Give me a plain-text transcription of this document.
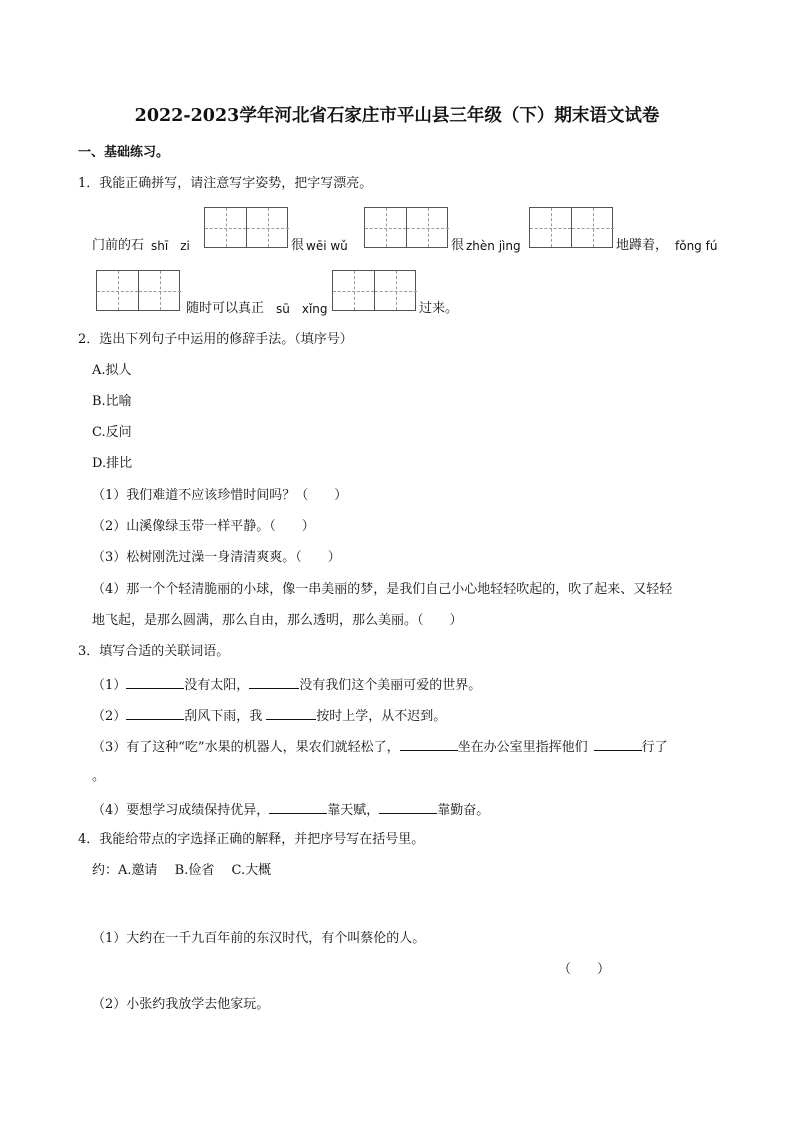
2022-2023学年河北省石家庄市平山县三年级（下）期末语文试卷
一、基础练习。
1．我能正确拼写，请注意写字姿势，把字写漂亮。
门前的石 shī　zi	很 wēi wǔ	很 zhèn jìng	地蹲着， fǒng fú
随时可以真正 sū　xǐng	过来。
2．选出下列句子中运用的修辞手法。（填序号）
A.拟人
B.比喻
C.反问
D.排比
（1）我们难道不应该珍惜时间吗？（　　）
（2）山溪像绿玉带一样平静。（　　）
（3）松树刚洗过澡一身清清爽爽。（　　）
（4）那一个个轻清脆丽的小球，像一串美丽的梦，是我们自己小心地轻轻吹起的，吹了起来、又轻轻
地飞起，是那么圆满，那么自由，那么透明，那么美丽。（　　）
3．填写合适的关联词语。
（1）	没有太阳，	没有我们这个美丽可爱的世界。
（2）	刮风下雨，我	按时上学，从不迟到。
（3）有了这种“吃”水果的机器人，果农们就轻松了，	坐在办公室里指挥他们	行了
。
（4）要想学习成绩保持优异，	靠天赋，	靠勤奋。
4．我能给带点的字选择正确的解释，并把序号写在括号里。
约：A.邀请　 B.俭省　 C.大概
（1）大约在一千九百年前的东汉时代，有个叫蔡伦的人。
（　　）
（2）小张约我放学去他家玩。
